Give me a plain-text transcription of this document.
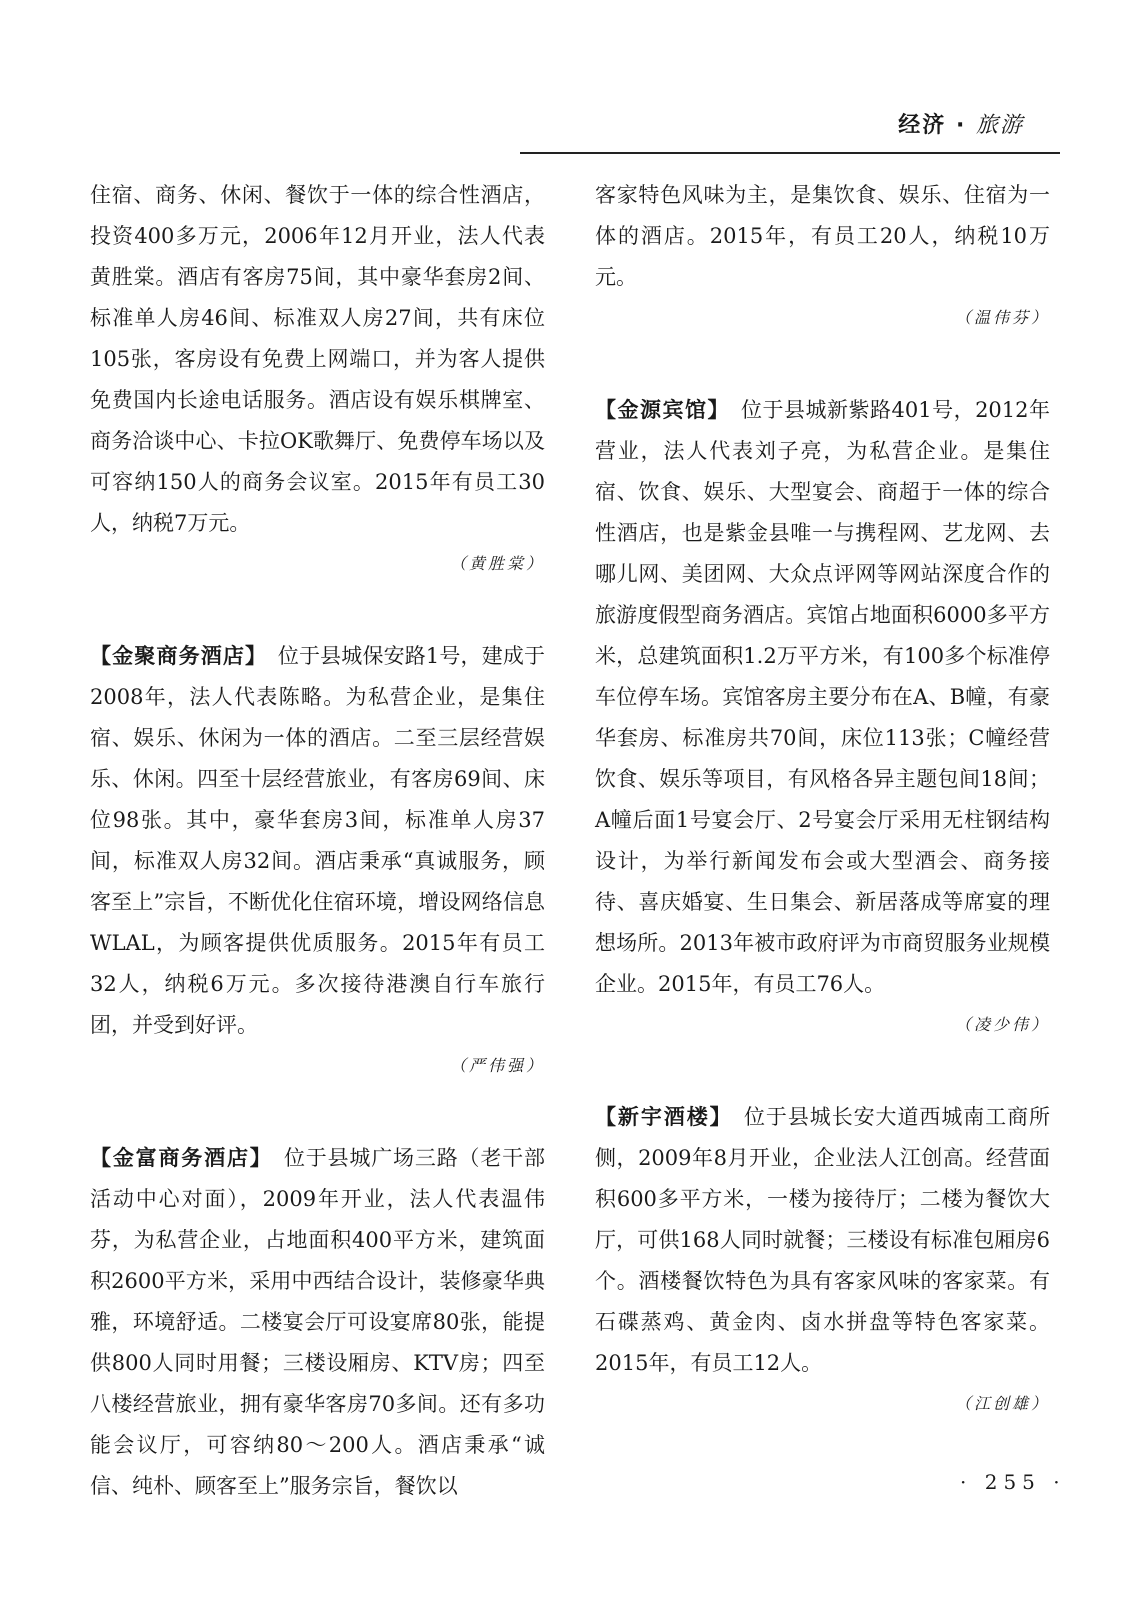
经济 · 旅游

住宿、商务、休闲、餐饮于一体的综合性酒店，投资400多万元，2006年12月开业，法人代表黄胜棠。酒店有客房75间，其中豪华套房2间、标准单人房46间、标准双人房27间，共有床位105张，客房设有免费上网端口，并为客人提供免费国内长途电话服务。酒店设有娱乐棋牌室、商务洽谈中心、卡拉OK歌舞厅、免费停车场以及可容纳150人的商务会议室。2015年有员工30人，纳税7万元。

（黄胜棠）

【金聚商务酒店】　 位于县城保安路1号，建成于2008年，法人代表陈略。为私营企业，是集住宿、娱乐、休闲为一体的酒店。二至三层经营娱乐、休闲。四至十层经营旅业，有客房69间、床位98张。其中，豪华套房3间，标准单人房37间，标准双人房32间。酒店秉承“真诚服务，顾客至上”宗旨，不断优化住宿环境，增设网络信息WLAL，为顾客提供优质服务。2015年有员工32人，纳税6万元。多次接待港澳自行车旅行团，并受到好评。

（严伟强）

【金富商务酒店】　 位于县城广场三路（老干部活动中心对面），2009年开业，法人代表温伟芬，为私营企业，占地面积400平方米，建筑面积2600平方米，采用中西结合设计，装修豪华典雅，环境舒适。二楼宴会厅可设宴席80张，能提供800人同时用餐；三楼设厢房、KTV房；四至八楼经营旅业，拥有豪华客房70多间。还有多功能会议厅，可容纳80～200人。酒店秉承“诚信、纯朴、顾客至上”服务宗旨，餐饮以

客家特色风味为主，是集饮食、娱乐、住宿为一体的酒店。2015年，有员工20人，纳税10万元。

（温伟芬）

【金源宾馆】　 位于县城新紫路401号，2012年营业，法人代表刘子亮，为私营企业。是集住宿、饮食、娱乐、大型宴会、商超于一体的综合性酒店，也是紫金县唯一与携程网、艺龙网、去哪儿网、美团网、大众点评网等网站深度合作的旅游度假型商务酒店。宾馆占地面积6000多平方米，总建筑面积1.2万平方米，有100多个标准停车位停车场。宾馆客房主要分布在A、B幢，有豪华套房、标准房共70间，床位113张；C幢经营饮食、娱乐等项目，有风格各异主题包间18间；A幢后面1号宴会厅、2号宴会厅采用无柱钢结构设计，为举行新闻发布会或大型酒会、商务接待、喜庆婚宴、生日集会、新居落成等席宴的理想场所。2013年被市政府评为市商贸服务业规模企业。2015年，有员工76人。

（凌少伟）

【新宇酒楼】　 位于县城长安大道西城南工商所侧，2009年8月开业，企业法人江创高。经营面积600多平方米，一楼为接待厅；二楼为餐饮大厅，可供168人同时就餐；三楼设有标准包厢房6个。酒楼餐饮特色为具有客家风味的客家菜。有石碟蒸鸡、黄金肉、卤水拼盘等特色客家菜。2015年，有员工12人。

（江创雄）
· 255 ·
